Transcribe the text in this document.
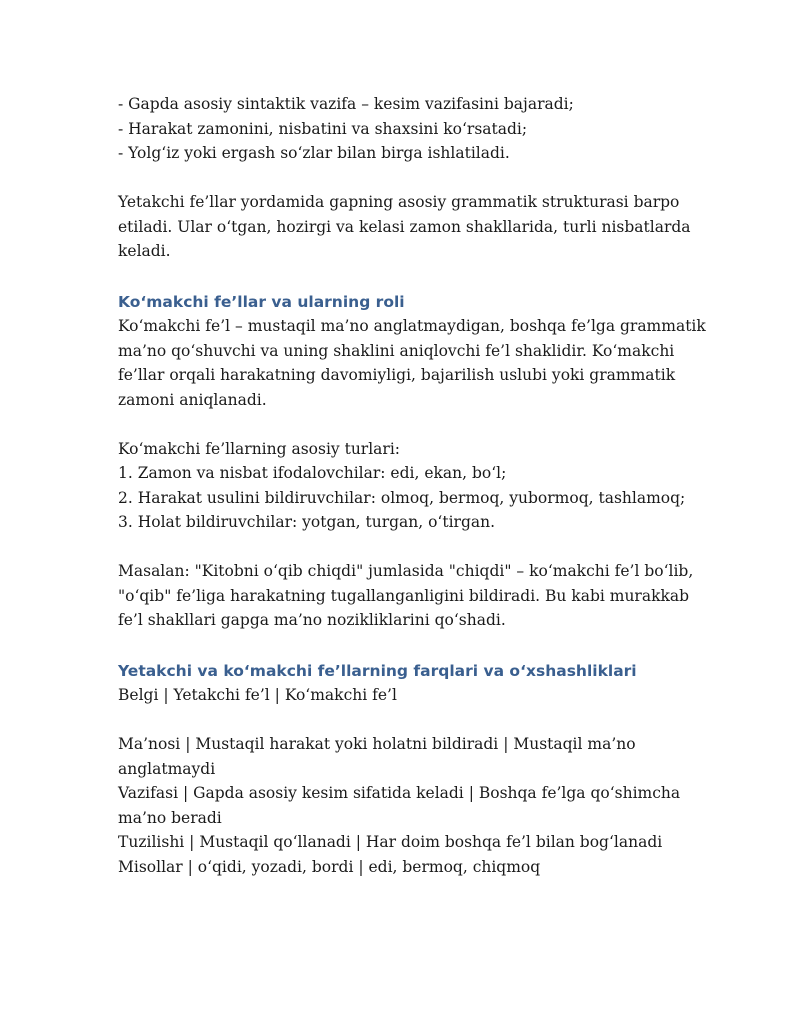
- Gapda asosiy sintaktik vazifa – kesim vazifasini bajaradi;
- Harakat zamonini, nisbatini va shaxsini ko‘rsatadi;
- Yolg‘iz yoki ergash so‘zlar bilan birga ishlatiladi.
Yetakchi fe’llar yordamida gapning asosiy grammatik strukturasi barpo
etiladi. Ular o‘tgan, hozirgi va kelasi zamon shakllarida, turli nisbatlarda
keladi.
Ko‘makchi fe’llar va ularning roli
Ko‘makchi fe’l – mustaqil ma’no anglatmaydigan, boshqa fe’lga grammatik
ma’no qo‘shuvchi va uning shaklini aniqlovchi fe’l shaklidir. Ko‘makchi
fe’llar orqali harakatning davomiyligi, bajarilish uslubi yoki grammatik
zamoni aniqlanadi.
Ko‘makchi fe’llarning asosiy turlari:
1. Zamon va nisbat ifodalovchilar: edi, ekan, bo‘l;
2. Harakat usulini bildiruvchilar: olmoq, bermoq, yubormoq, tashlamoq;
3. Holat bildiruvchilar: yotgan, turgan, o‘tirgan.
Masalan: "Kitobni o‘qib chiqdi" jumlasida "chiqdi" – ko‘makchi fe’l bo‘lib,
"o‘qib" fe’liga harakatning tugallanganligini bildiradi. Bu kabi murakkab
fe’l shakllari gapga ma’no nozikliklarini qo‘shadi.
Yetakchi va ko‘makchi fe’llarning farqlari va o‘xshashliklari
Belgi | Yetakchi fe’l | Ko‘makchi fe’l
Ma’nosi | Mustaqil harakat yoki holatni bildiradi | Mustaqil ma’no
anglatmaydi
Vazifasi | Gapda asosiy kesim sifatida keladi | Boshqa fe’lga qo‘shimcha
ma’no beradi
Tuzilishi | Mustaqil qo‘llanadi | Har doim boshqa fe’l bilan bog‘lanadi
Misollar | o‘qidi, yozadi, bordi | edi, bermoq, chiqmoq
